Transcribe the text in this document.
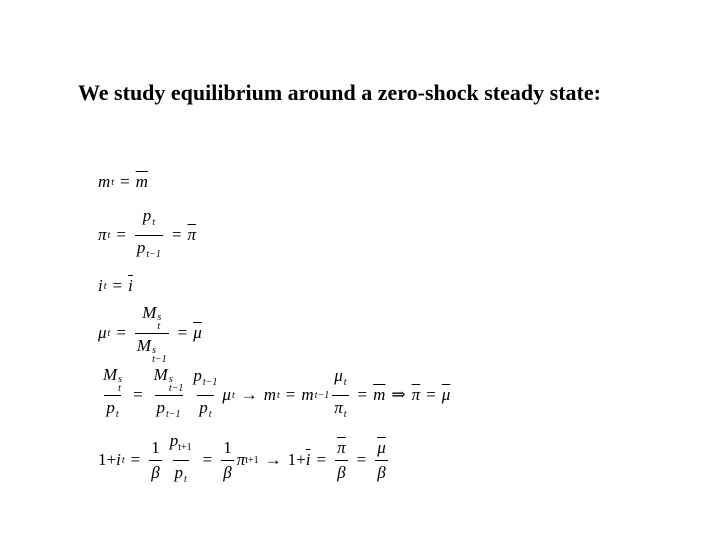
We study equilibrium around a zero-shock steady state:
m $t = \overline{m}$
π $t = \frac{p_t}{p_{t-1}} = \overline{\pi}$
i $t = \overline{i}$
μ t = M s
t
M s
$t-1 = \overline{\mu}$
M s
t
$p_t = M$ s
t−1
$p_{t-1} \frac{p_{t-1}}{p_t}$ μ t → m t = m $t-1 \frac{\mu_t}{\pi_t} = \overline{m}$ ⇒ $\overline{\pi} = \overline{\mu}$
1+ i $t = \frac{1}{\beta} \frac{p_{t+1}}{p_t} = \frac{1}{\beta}$ π $t+1 \to 1+ \overline{i} = \frac{\overline{\pi}}{\beta} = \frac{\overline{\mu}}{\beta}$
